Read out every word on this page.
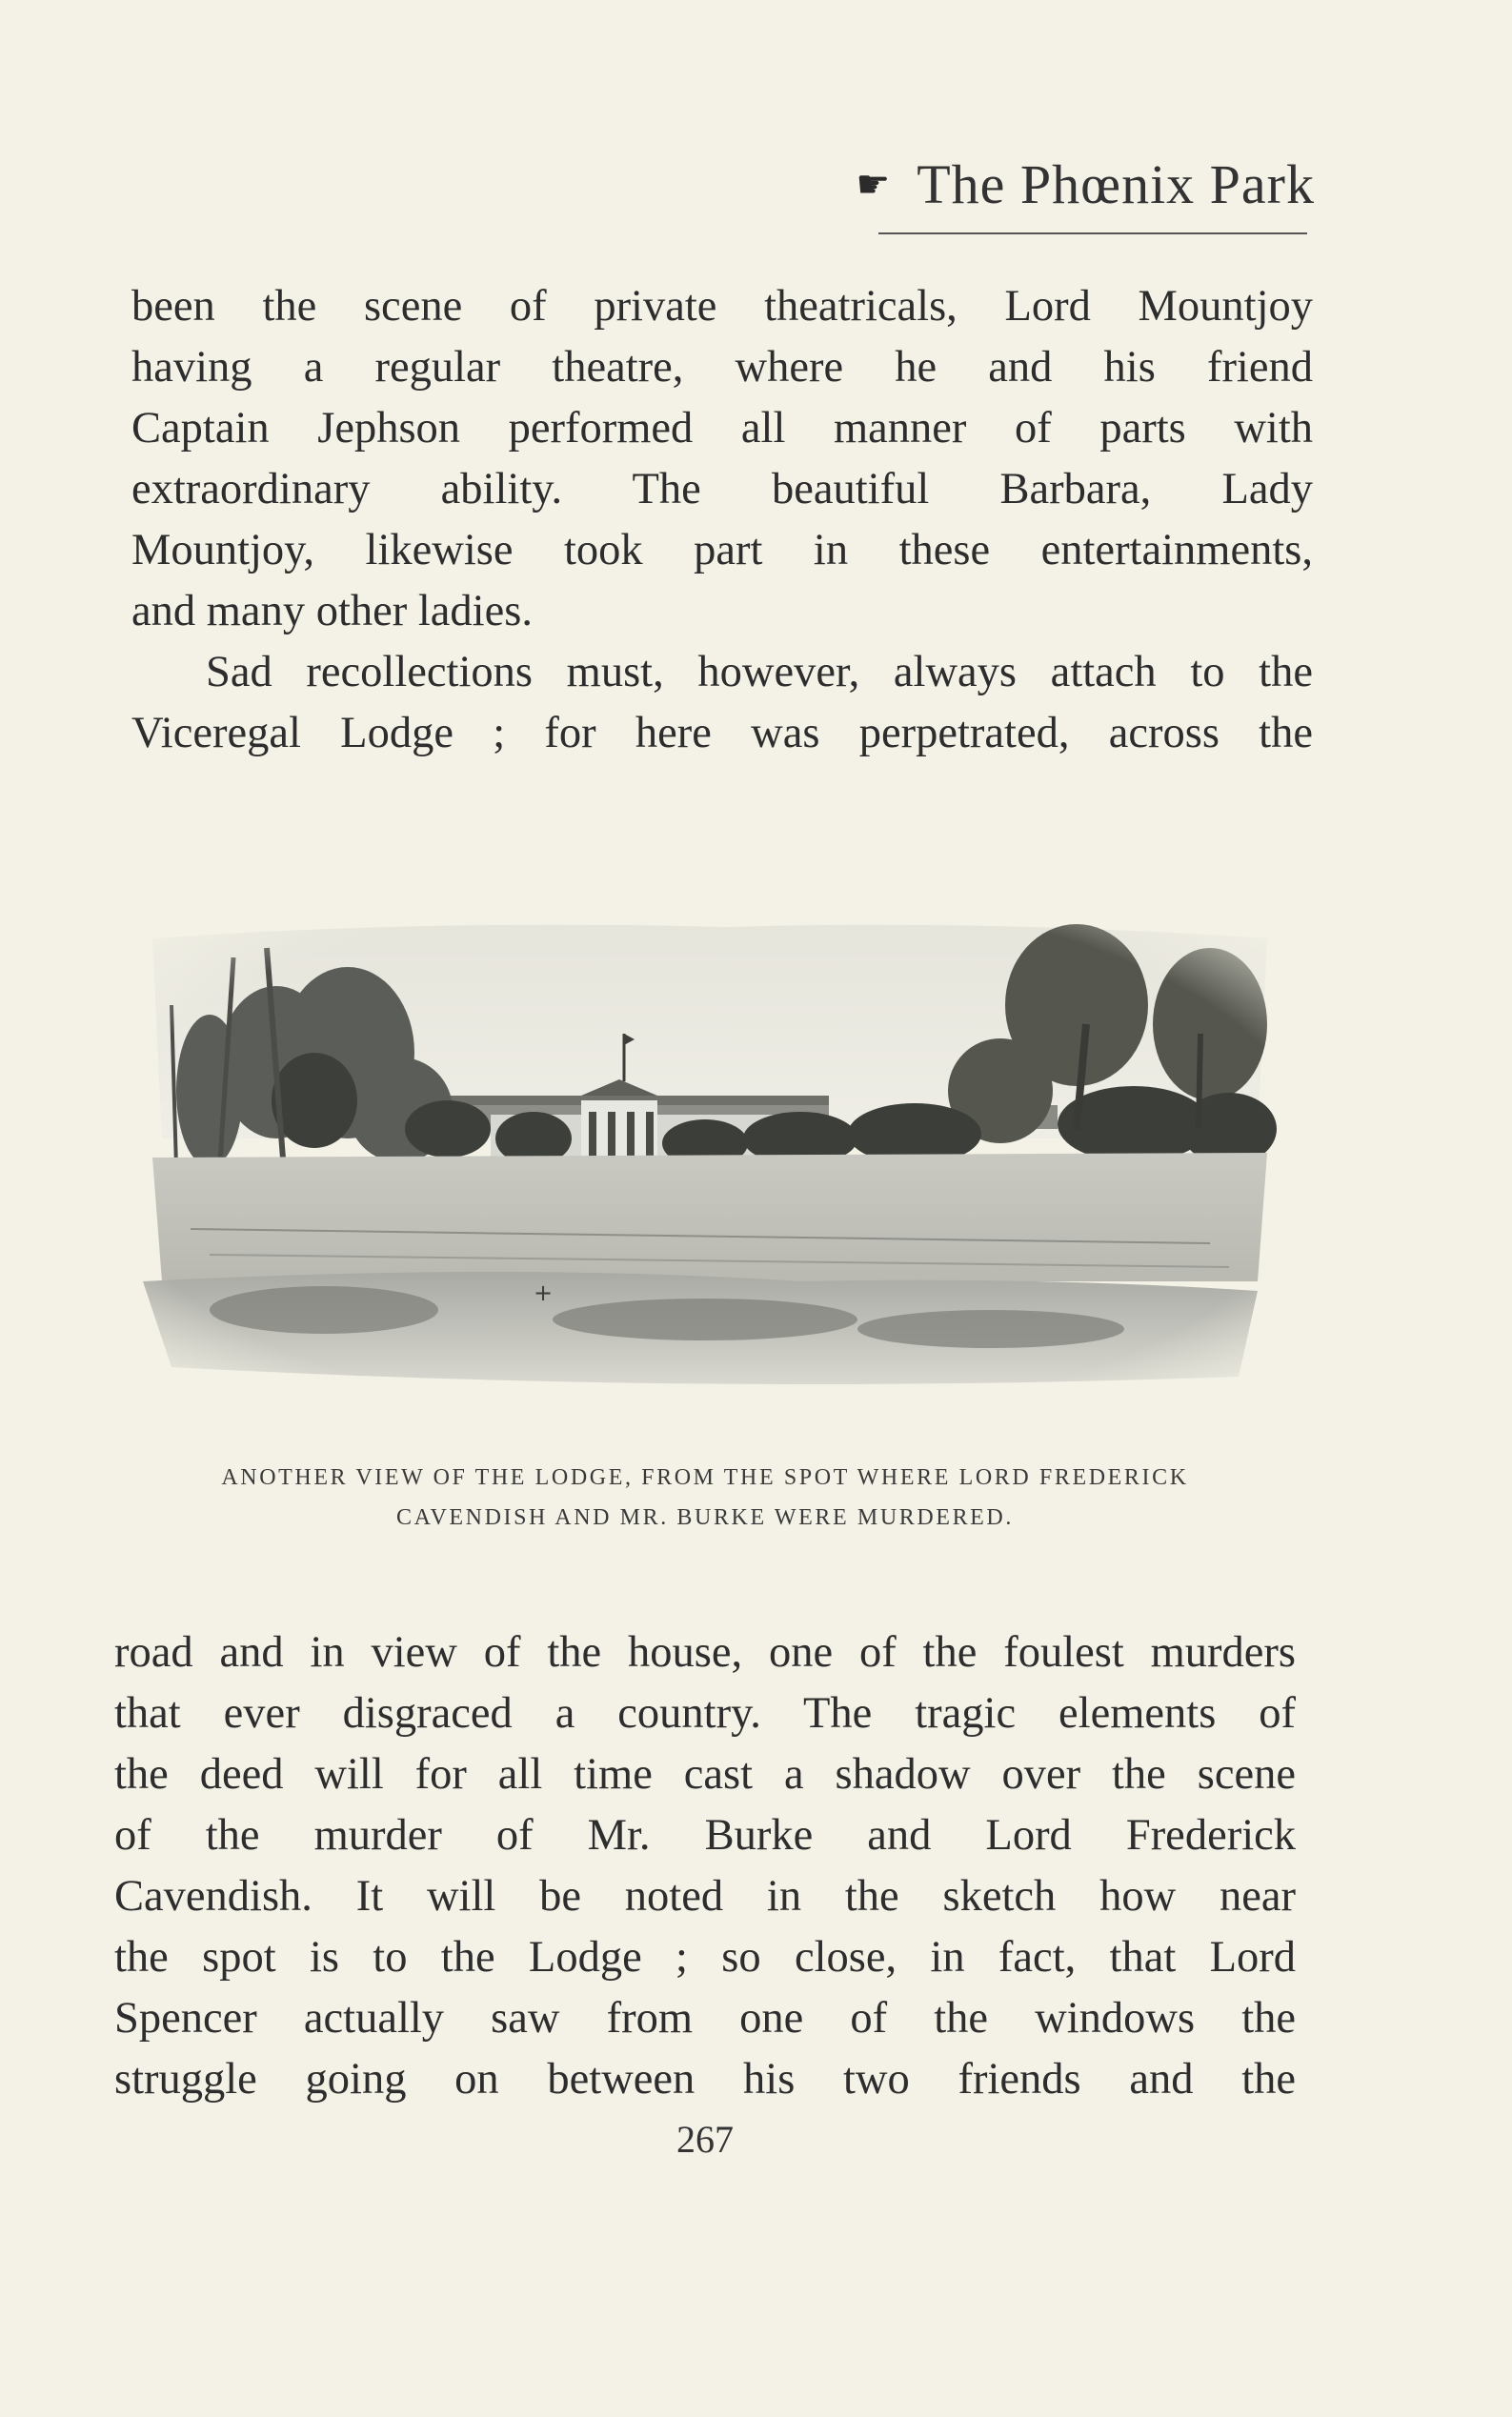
☛ The Phœnix Park
been the scene of private theatricals, Lord Mountjoy
having a regular theatre, where he and his friend
Captain Jephson performed all manner of parts with
extraordinary ability. The beautiful Barbara, Lady
Mountjoy, likewise took part in these entertainments,
and many other ladies.
Sad recollections must, however, always attach to the
Viceregal Lodge ; for here was perpetrated, across the
ANOTHER VIEW OF THE LODGE, FROM THE SPOT WHERE LORD FREDERICK
CAVENDISH AND MR. BURKE WERE MURDERED.
road and in view of the house, one of the foulest murders
that ever disgraced a country. The tragic elements of
the deed will for all time cast a shadow over the scene
of the murder of Mr. Burke and Lord Frederick
Cavendish. It will be noted in the sketch how near
the spot is to the Lodge ; so close, in fact, that Lord
Spencer actually saw from one of the windows the
struggle going on between his two friends and the
267
